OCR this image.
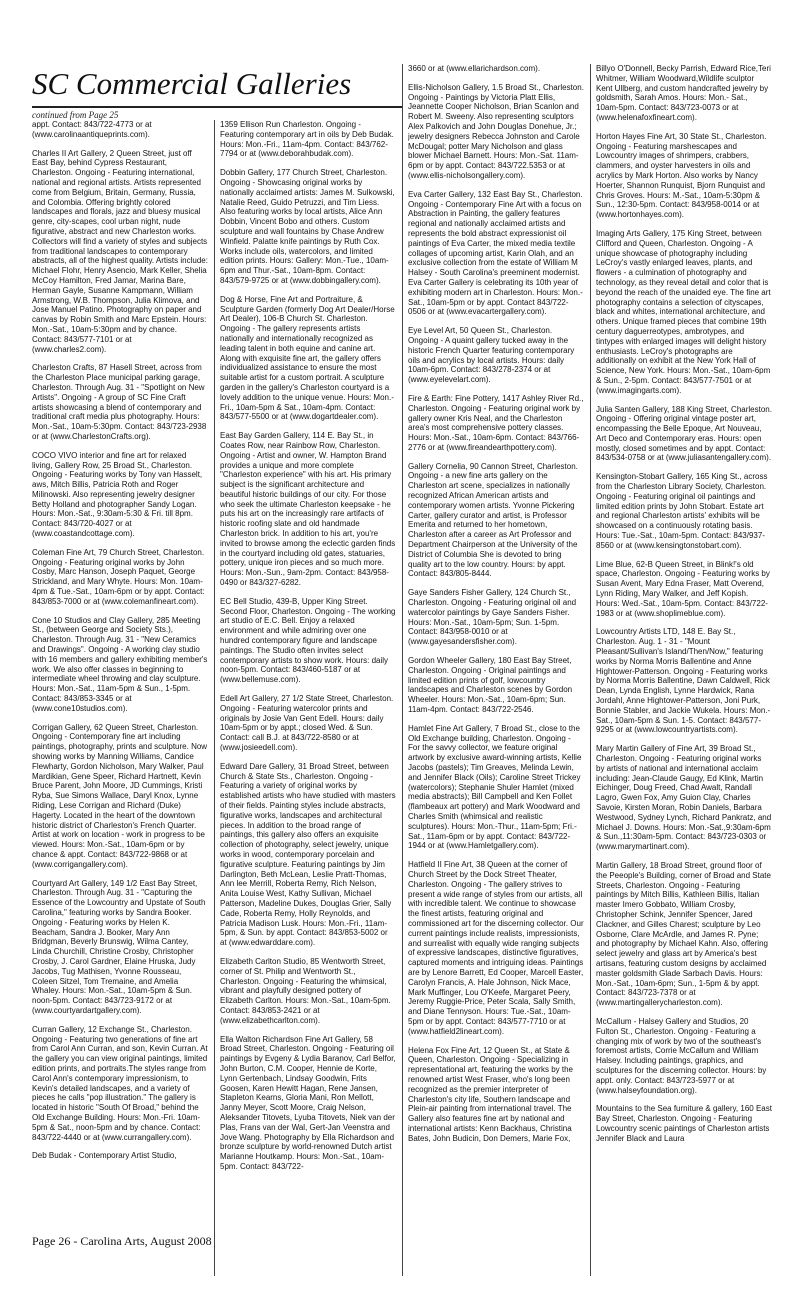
SC Commercial Galleries
continued from Page 25

appt. Contact: 843/722-4773 or at (www.carolinaantiqueprints.com).

Charles II Art Gallery, 2 Queen Street, just off East Bay, behind Cypress Restaurant, Charleston. Ongoing - Featuring international, national and regional artists. Artists represented come from Belgium, Britain, Germany, Russia, and Colombia. Offering brightly colored landscapes and florals, jazz and bluesy musical genre, city-scapes, cool urban night, nude figurative, abstract and new Charleston works. Collectors will find a variety of styles and subjects from traditional landscapes to contemporary abstracts, all of the highest quality. Artists include: Michael Flohr, Henry Asencio, Mark Keller, Shelia McCoy Hamilton, Fred Jamar, Marina Bare, Herman Gayle, Susanne Kampmann, William Armstrong, W.B. Thompson, Julia Klimova, and Jose Manuel Patino. Photography on paper and canvas by Robin Smith and Marc Epstein. Hours: Mon.-Sat., 10am-5:30pm and by chance. Contact: 843/577-7101 or at (www.charles2.com).

Charleston Crafts, 87 Hasell Street, across from the Charleston Place municipal parking garage, Charleston. Through Aug. 31 - "Spotlight on New Artists". Ongoing - A group of SC Fine Craft artists showcasing a blend of contemporary and traditional craft media plus photography. Hours: Mon.-Sat., 10am-5:30pm. Contact: 843/723-2938 or at (www.CharlestonCrafts.org).

COCO VIVO interior and fine art for relaxed living, Gallery Row, 25 Broad St., Charleston. Ongoing - Featuring works by Tony van Hasselt, aws, Mitch Billis, Patricia Roth and Roger Milinowski. Also representing jewelry designer Betty Holland and photographer Sandy Logan. Hours: Mon.-Sat., 9:30am-5:30 & Fri. till 8pm. Contact: 843/720-4027 or at (www.coastandcottage.com).

Coleman Fine Art, 79 Church Street, Charleston. Ongoing - Featuring original works by John Cosby, Marc Hanson, Joseph Paquet, George Strickland, and Mary Whyte. Hours: Mon. 10am-4pm & Tue.-Sat., 10am-6pm or by appt. Contact: 843/853-7000 or at (www.colemanfineart.com).

Cone 10 Studios and Clay Gallery, 285 Meeting St., (between George and Society Sts.), Charleston. Through Aug. 31 - "New Ceramics and Drawings". Ongoing - A working clay studio with 16 members and gallery exhibiting member's work. We also offer classes in beginning to intermediate wheel throwing and clay sculpture. Hours: Mon.-Sat., 11am-5pm & Sun., 1-5pm. Contact: 843/853-3345 or at (www.cone10studios.com).

Corrigan Gallery, 62 Queen Street, Charleston. Ongoing - Contemporary fine art including paintings, photography, prints and sculpture. Now showing works by Manning Williams, Candice Flewharty, Gordon Nicholson, Mary Walker, Paul Mardikian, Gene Speer, Richard Hartnett, Kevin Bruce Parent, John Moore, JD Cummings, Kristi Ryba, Sue Simons Wallace, Daryl Knox, Lynne Riding, Lese Corrigan and Richard (Duke) Hagerty. Located in the heart of the downtown historic district of Charleston's French Quarter. Artist at work on location - work in progress to be viewed. Hours: Mon.-Sat., 10am-6pm or by chance & appt. Contact: 843/722-9868 or at (www.corrigangallery.com).

Courtyard Art Gallery, 149 1/2 East Bay Street, Charleston. Through Aug. 31 - "Capturing the Essence of the Lowcountry and Upstate of South Carolina," featuring works by Sandra Booker. Ongoing - Featuring works by Helen K. Beacham, Sandra J. Booker, Mary Ann Bridgman, Beverly Brunswig, Wilma Cantey, Linda Churchill, Christine Crosby, Christopher Crosby, J. Carol Gardner, Elaine Hruska, Judy Jacobs, Tug Mathisen, Yvonne Rousseau, Coleen Sitzel, Tom Tremaine, and Amelia Whaley. Hours: Mon.-Sat., 10am-5pm & Sun. noon-5pm. Contact: 843/723-9172 or at (www.courtyardartgallery.com).

Curran Gallery, 12 Exchange St., Charleston. Ongoing - Featuring two generations of fine art from Carol Ann Curran, and son, Kevin Curran. At the gallery you can view original paintings, limited edition prints, and portraits.The styles range from Carol Ann's contemporary impressionism, to Kevin's detailed landscapes, and a variety of pieces he calls "pop illustration." The gallery is located in historic "South Of Broad," behind the Old Exchange Building. Hours: Mon.-Fri. 10am-5pm & Sat., noon-5pm and by chance. Contact: 843/722-4440 or at (www.currangallery.com).

Deb Budak - Contemporary Artist Studio,

1359 Ellison Run Charleston. Ongoing - Featuring contemporary art in oils by Deb Budak. Hours: Mon.-Fri., 11am-4pm. Contact: 843/762-7794 or at (www.deborahbudak.com).

Dobbin Gallery, 177 Church Street, Charleston. Ongoing - Showcasing original works by nationally acclaimed artists: James M. Sulkowski, Natalie Reed, Guido Petruzzi, and Tim Liess. Also featuring works by local artists, Alice Ann Dobbin, Vincent Bobo and others. Custom sculpture and wall fountains by Chase Andrew Winfield. Palatte knife paintings by Ruth Cox. Works include oils, watercolors, and limited edition prints. Hours: Gallery: Mon.-Tue., 10am-6pm and Thur.-Sat., 10am-8pm. Contact: 843/579-9725 or at (www.dobbingallery.com).

Dog & Horse, Fine Art and Portraiture, & Sculpture Garden (formerly Dog Art Dealer/Horse Art Dealer), 106-B Church St. Charleston. Ongoing - The gallery represents artists nationally and internationally recognized as leading talent in both equine and canine art. Along with exquisite fine art, the gallery offers individualized assistance to ensure the most suitable artist for a custom portrait. A sculpture garden in the gallery's Charleston courtyard is a lovely addition to the unique venue. Hours: Mon.-Fri., 10am-5pm & Sat., 10am-4pm. Contact: 843/577-5500 or at (www.dogartdealer.com).

East Bay Garden Gallery, 114 E. Bay St., in Coates Row, near Rainbow Row, Charleston. Ongoing - Artist and owner, W. Hampton Brand provides a unique and more complete "Charleston experience" with his art. His primary subject is the significant architecture and beautiful historic buildings of our city. For those who seek the ultimate Charleston keepsake - he puts his art on the increasingly rare artifacts of historic roofing slate and old handmade Charleston brick. In addition to his art, you're invited to browse among the eclectic garden finds in the courtyard including old gates, statuaries, pottery, unique iron pieces and so much more. Hours: Mon.-Sun., 9am-2pm. Contact: 843/958-0490 or 843/327-6282.

EC Bell Studio, 439-B, Upper King Street. Second Floor, Charleston. Ongoing - The working art studio of E.C. Bell. Enjoy a relaxed environment and while admiring over one hundred contemporary figure and landscape paintings. The Studio often invites select contemporary artists to show work. Hours: daily noon-5pm. Contact: 843/460-5187 or at (www.bellemuse.com).

Edell Art Gallery, 27 1/2 State Street, Charleston. Ongoing - Featuring watercolor prints and originals by Josie Van Gent Edell. Hours: daily 10am-5pm or by appt.; closed Wed. & Sun. Contact: call B.J. at 843/722-8580 or at (www.josieedell.com).

Edward Dare Gallery, 31 Broad Street, between Church & State Sts., Charleston. Ongoing - Featuring a variety of original works by established artists who have studied with masters of their fields. Painting styles include abstracts, figurative works, landscapes and architectural pieces. In addition to the broad range of paintings, this gallery also offers an exquisite collection of photography, select jewelry, unique works in wood, contemporary porcelain and figurative sculpture. Featuring paintings by Jim Darlington, Beth McLean, Leslie Pratt-Thomas, Ann lee Merrill, Roberta Remy, Rich Nelson, Anita Louise West, Kathy Sullivan, Michael Patterson, Madeline Dukes, Douglas Grier, Sally Cade, Roberta Remy, Holly Reynolds, and Patricia Madison Lusk. Hours: Mon.-Fri., 11am-5pm, & Sun. by appt. Contact: 843/853-5002 or at (www.edwarddare.com).

Elizabeth Carlton Studio, 85 Wentworth Street, corner of St. Philip and Wentworth St., Charleston. Ongoing - Featuring the whimsical, vibrant and playfully designed pottery of Elizabeth Carlton. Hours: Mon.-Sat., 10am-5pm. Contact: 843/853-2421 or at (www.elizabethcarlton.com).

Ella Walton Richardson Fine Art Gallery, 58 Broad Street, Charleston. Ongoing - Featuring oil paintings by Evgeny & Lydia Baranov, Carl Belfor, John Burton, C.M. Cooper, Hennie de Korte, Lynn Gertenbach, Lindsay Goodwin, Frits Goosen, Karen Hewitt Hagan, Rene Jansen, Stapleton Kearns, Gloria Mani, Ron Mellott, Janny Meyer, Scott Moore, Craig Nelson, Aleksander Titovets, Lyuba Titovets, Niek van der Plas, Frans van der Wal, Gert-Jan Veenstra and Jove Wang. Photography by Ella Richardson and bronze sculpture by world-renowned Dutch artist Marianne Houtkamp. Hours: Mon.-Sat., 10am-5pm. Contact: 843/722-

3660 or at (www.ellarichardson.com).

Ellis-Nicholson Gallery, 1.5 Broad St., Charleston. Ongoing - Paintings by Victoria Platt Ellis, Jeannette Cooper Nicholson, Brian Scanlon and Robert M. Sweeny. Also representing sculptors Alex Palkovich and John Douglas Donehue, Jr.; jewelry designers Rebecca Johnston and Carole McDougal; potter Mary Nicholson and glass blower Michael Barnett. Hours: Mon.-Sat. 11am-6pm or by appt. Contact: 843/722.5353 or at (www.ellis-nicholsongallery.com).

Eva Carter Gallery, 132 East Bay St., Charleston. Ongoing - Contemporary Fine Art with a focus on Abstraction in Painting, the gallery features regional and nationally acclaimed artists and represents the bold abstract expressionist oil paintings of Eva Carter, the mixed media textile collages of upcoming artist, Karin Olah, and an exclusive collection from the estate of William M Halsey - South Carolina's preeminent modernist. Eva Carter Gallery is celebrating its 10th year of exhibiting modern art in Charleston. Hours: Mon.-Sat., 10am-5pm or by appt. Contact 843/722-0506 or at (www.evacartergallery.com).

Eye Level Art, 50 Queen St., Charleston. Ongoing - A quaint gallery tucked away in the historic French Quarter featuring contemporary oils and acrylics by local artists. Hours: daily 10am-6pm. Contact: 843/278-2374 or at (www.eyelevelart.com).

Fire & Earth: Fine Pottery, 1417 Ashley River Rd., Charleston. Ongoing - Featuring original work by gallery owner Kris Neal, and the Charleston area's most comprehensive pottery classes. Hours: Mon.-Sat., 10am-6pm. Contact: 843/766-2776 or at (www.fireandearthpottery.com).

Gallery Cornelia, 90 Cannon Street, Charleston. Ongoing - a new fine arts gallery on the Charleston art scene, specializes in nationally recognized African American artists and contemporary women artists. Yvonne Pickering Carter, gallery curator and artist, is Professor Emerita and returned to her hometown, Charleston after a career as Art Professor and Department Chairperson at the University of the District of Columbia She is devoted to bring quality art to the low country. Hours: by appt. Contact: 843/805-8444.

Gaye Sanders Fisher Gallery, 124 Church St., Charleston. Ongoing - Featuring original oil and watercolor paintings by Gaye Sanders Fisher. Hours: Mon.-Sat., 10am-5pm; Sun. 1-5pm. Contact: 843/958-0010 or at (www.gayesandersfisher.com).

Gordon Wheeler Gallery, 180 East Bay Street, Charleston. Ongoing - Original paintings and limited edition prints of golf, lowcountry landscapes and Charleston scenes by Gordon Wheeler. Hours: Mon.-Sat., 10am-6pm; Sun. 11am-4pm. Contact: 843/722-2546.

Hamlet Fine Art Gallery, 7 Broad St., close to the Old Exchange building, Charleston. Ongoing - For the savvy collector, we feature original artwork by exclusive award-winning artists, Kellie Jacobs (pastels); Tim Greaves, Melinda Lewin, and Jennifer Black (Oils); Caroline Street Trickey (watercolors); Stephanie Shuler Hamlet (mixed media abstracts); Bill Campbell and Ken Follet (flambeaux art pottery) and Mark Woodward and Charles Smith (whimsical and realistic sculptures). Hours: Mon.-Thur., 11am-5pm; Fri.-Sat., 11am-6pm or by appt. Contact: 843/722-1944 or at (www.Hamletgallery.com).

Hatfield II Fine Art, 38 Queen at the corner of Church Street by the Dock Street Theater, Charleston. Ongoing - The gallery strives to present a wide range of styles from our artists, all with incredible talent. We continue to showcase the finest artists, featuring original and commissioned art for the discerning collector. Our current paintings include realists, impressionists, and surrealist with equally wide ranging subjects of expressive landscapes, distinctive figuratives, captured moments and intriguing ideas. Paintings are by Lenore Barrett, Ed Cooper, Marcell Easter, Carolyn Francis, A. Hale Johnson, Nick Mace, Mark Muffinger, Lou O'Keefe, Margaret Peery, Jeremy Ruggie-Price, Peter Scala, Sally Smith, and Diane Tennyson. Hours: Tue.-Sat., 10am-5pm or by appt. Contact: 843/577-7710 or at (www.hatfield2lineart.com).

Helena Fox Fine Art, 12 Queen St., at State & Queen, Charleston. Ongoing - Specializing in representational art, featuring the works by the renowned artist West Fraser, who's long been recognized as the premier interpreter of Charleston's city life, Southern landscape and Plein-air painting from international travel. The Gallery also features fine art by national and international artists: Kenn Backhaus, Christina Bates, John Budicin, Don Demers, Marie Fox,

Billyo O'Donnell, Becky Parrish, Edward Rice,Teri Whitmer, William Woodward,Wildlife sculptor Kent Ullberg, and custom handcrafted jewelry by goldsmith, Sarah Amos. Hours: Mon.- Sat., 10am-5pm. Contact: 843/723-0073 or at (www.helenafoxfineart.com).

Horton Hayes Fine Art, 30 State St., Charleston. Ongoing - Featuring marshescapes and Lowcountry images of shrimpers, crabbers, clammers, and oyster harvesters in oils and acrylics by Mark Horton. Also works by Nancy Hoerter, Shannon Runquist, Bjorn Runquist and Chris Groves. Hours: M.-Sat., 10am-5:30pm & Sun., 12:30-5pm. Contact: 843/958-0014 or at (www.hortonhayes.com).

Imaging Arts Gallery, 175 King Street, between Clifford and Queen, Charleston. Ongoing - A unique showcase of photography including LeCroy's vastly enlarged leaves, plants, and flowers - a culmination of photography and technology, as they reveal detail and color that is beyond the reach of the unaided eye. The fine art photography contains a selection of cityscapes, black and whites, international architecture, and others. Unique framed pieces that combine 19th century daguerreotypes, ambrotypes, and tintypes with enlarged images will delight history enthusiasts. LeCroy's photographs are additionally on exhibit at the New York Hall of Science, New York. Hours: Mon.-Sat., 10am-6pm & Sun., 2-5pm. Contact: 843/577-7501 or at (www.imagingarts.com).

Julia Santen Gallery, 188 King Street, Charleston. Ongoing - Offering original vintage poster art, encompassing the Belle Epoque, Art Nouveau, Art Deco and Contemporary eras. Hours: open mostly, closed sometimes and by appt. Contact: 843/534-0758 or at (www.juliasantengallery.com).

Kensington-Stobart Gallery, 165 King St., across from the Charleston Library Society, Charleston. Ongoing - Featuring original oil paintings and limited edition prints by John Stobart. Estate art and regional Charleston artists' exhibits will be showcased on a continuously rotating basis. Hours: Tue.-Sat., 10am-5pm. Contact: 843/937-8560 or at (www.kensingtonstobart.com).

Lime Blue, 62-B Queen Street, in Blink!'s old space, Charleston. Ongoing - Featuring works by Susan Avent, Mary Edna Fraser, Matt Overend, Lynn Riding, Mary Walker, and Jeff Kopish. Hours: Wed.-Sat., 10am-5pm. Contact: 843/722-1983 or at (www.shoplimeblue.com).

Lowcountry Artists LTD, 148 E. Bay St., Charleston. Aug. 1 - 31 - "Mount Pleasant/Sullivan's Island/Then/Now," featuring works by Norma Morris Ballentine and Anne Hightower-Patterson. Ongoing - Featuring works by Norma Morris Ballentine, Dawn Caldwell, Rick Dean, Lynda English, Lynne Hardwick, Rana Jordahl, Anne Hightower-Patterson, Joni Purk, Bonnie Stabler, and Jackie Wukela. Hours: Mon.-Sat., 10am-5pm & Sun. 1-5. Contact: 843/577-9295 or at (www.lowcountryartists.com).

Mary Martin Gallery of Fine Art, 39 Broad St., Charleston. Ongoing - Featuring original works by artists of national and international acclaim including: Jean-Claude Gaugy, Ed Klink, Martin Eichinger, Doug Freed, Chad Awalt, Randall Lagro, Gwen Fox, Amy Guion Clay, Charles Savoie, Kirsten Moran, Robin Daniels, Barbara Westwood, Sydney Lynch, Richard Pankratz, and Michael J. Downs. Hours: Mon.-Sat.,9:30am-6pm & Sun.,11:30am-5pm. Contact: 843/723-0303 or (www.marymartinart.com).

Martin Gallery, 18 Broad Street, ground floor of the Peeople's Building, corner of Broad and State Streets, Charleston. Ongoing - Featuring paintings by Mitch Billis, Kathleen Billis, Italian master Imero Gobbato, William Crosby, Christopher Schink, Jennifer Spencer, Jared Clackner, and Gilles Charest; sculpture by Leo Osborne, Clare McArdle, and James R. Pyne; and photography by Michael Kahn. Also, offering select jewelry and glass art by America's best artisans, featuring custom designs by acclaimed master goldsmith Glade Sarbach Davis. Hours: Mon.-Sat., 10am-6pm; Sun., 1-5pm & by appt. Contact: 843/723-7378 or at (www.martingallerycharleston.com).

McCallum - Halsey Gallery and Studios, 20 Fulton St., Charleston. Ongoing - Featuring a changing mix of work by two of the southeast's foremost artists, Corrie McCallum and William Halsey. Including paintings, graphics, and sculptures for the discerning collector. Hours: by appt. only. Contact: 843/723-5977 or at (www.halseyfoundation.org).

Mountains to the Sea furniture & gallery, 160 East Bay Street, Charleston. Ongoing - Featuring Lowcountry scenic paintings of Charleston artists Jennifer Black and Laura

Page 26 - Carolina Arts, August 2008
